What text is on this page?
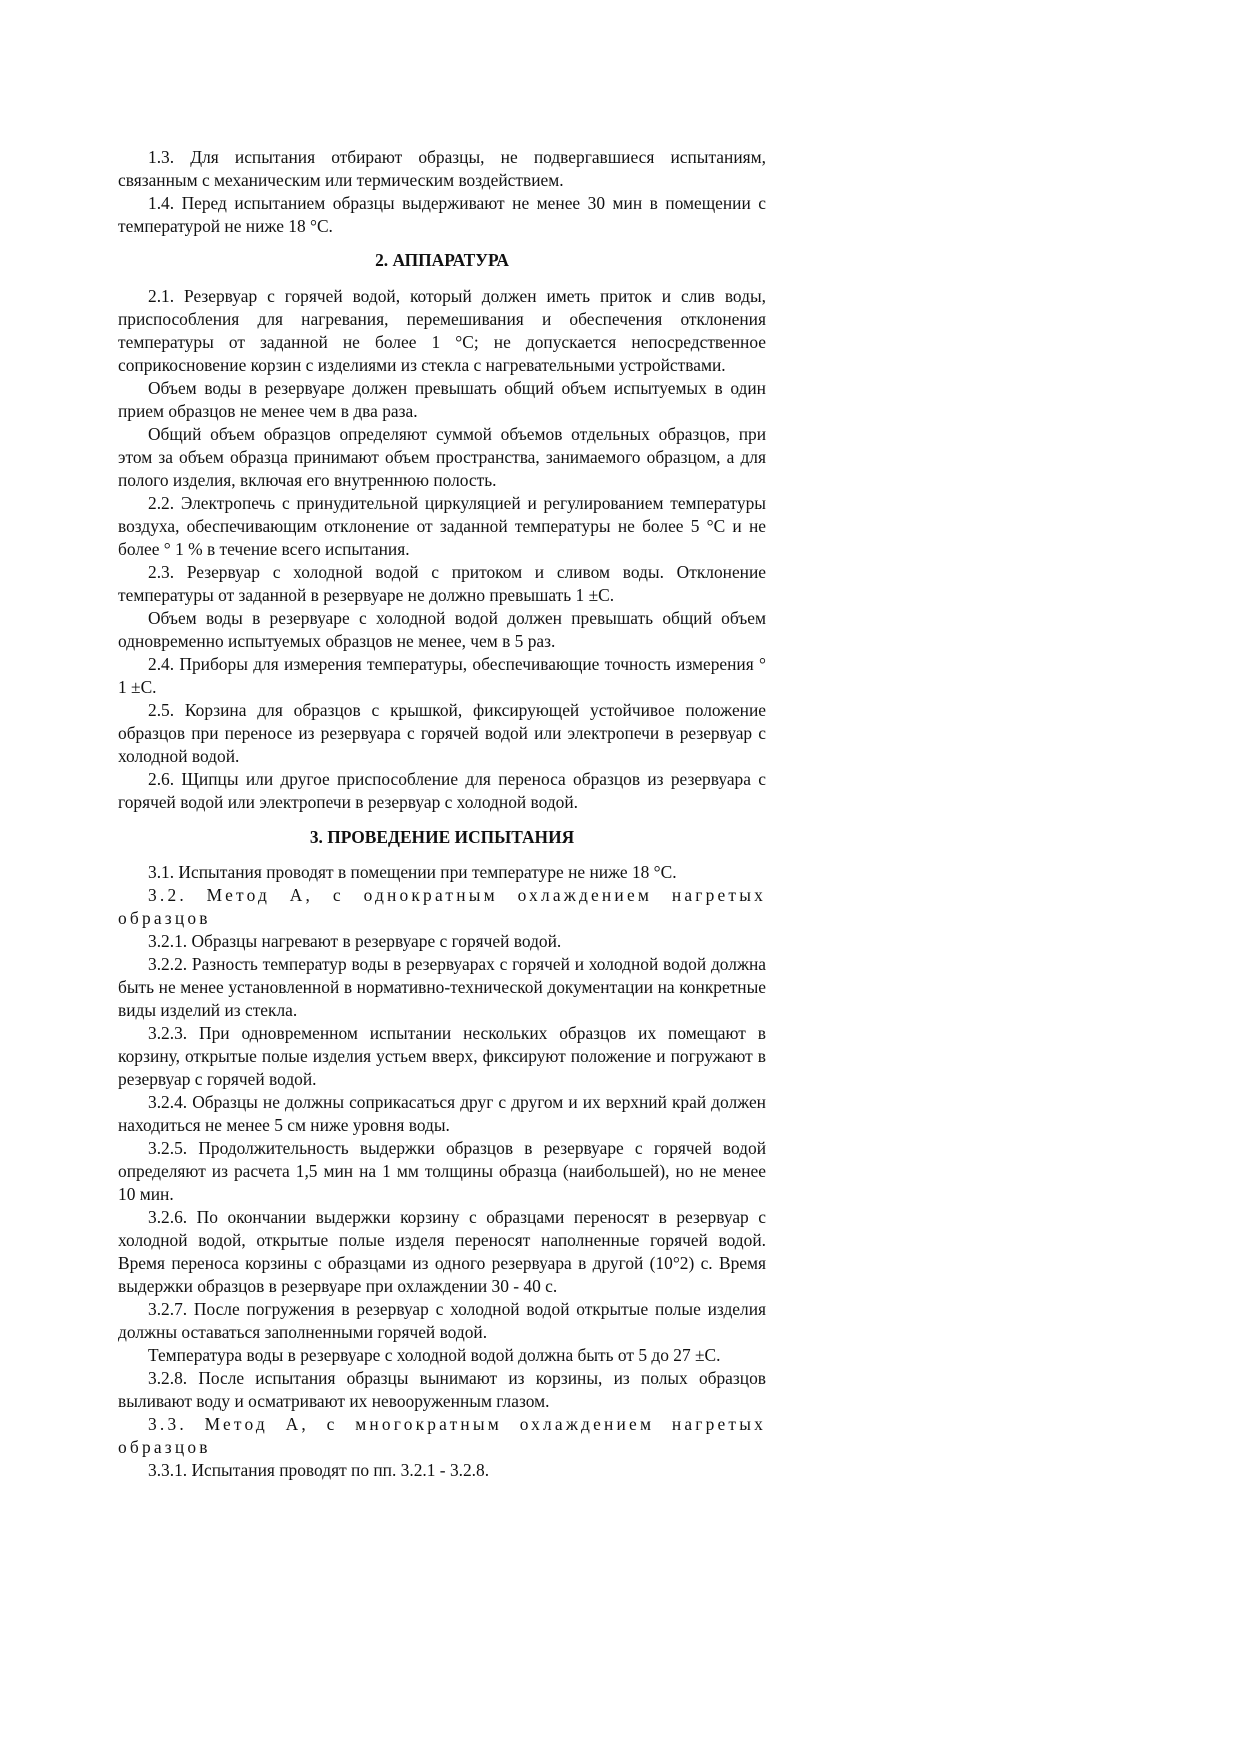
1.3. Для испытания отбирают образцы, не подвергавшиеся испытаниям, связанным с механическим или термическим воздействием.

1.4. Перед испытанием образцы выдерживают не менее 30 мин в помещении с температурой не ниже 18 °С.

2. АППАРАТУРА

2.1. Резервуар с горячей водой, который должен иметь приток и слив воды, приспособления для нагревания, перемешивания и обеспечения отклонения температуры от заданной не более 1 °С; не допускается непосредственное соприкосновение корзин с изделиями из стекла с нагревательными устройствами.

Объем воды в резервуаре должен превышать общий объем испытуемых в один прием образцов не менее чем в два раза.

Общий объем образцов определяют суммой объемов отдельных образцов, при этом за объем образца принимают объем пространства, занимаемого образцом, а для полого изделия, включая его внутреннюю полость.

2.2. Электропечь с принудительной циркуляцией и регулированием температуры воздуха, обеспечивающим отклонение от заданной температуры не более 5 °С и не более ° 1 % в течение всего испытания.

2.3. Резервуар с холодной водой с притоком и сливом воды. Отклонение температуры от заданной в резервуаре не должно превышать 1 ±С.

Объем воды в резервуаре с холодной водой должен превышать общий объем одновременно испытуемых образцов не менее, чем в 5 раз.

2.4. Приборы для измерения температуры, обеспечивающие точность измерения ° 1 ±С.

2.5. Корзина для образцов с крышкой, фиксирующей устойчивое положение образцов при переносе из резервуара с горячей водой или электропечи в резервуар с холодной водой.

2.6. Щипцы или другое приспособление для переноса образцов из резервуара с горячей водой или электропечи в резервуар с холодной водой.

3. ПРОВЕДЕНИЕ ИСПЫТАНИЯ

3.1. Испытания проводят в помещении при температуре не ниже 18 °С.

3.2. Метод А, с однократным охлаждением нагретых образцов

3.2.1. Образцы нагревают в резервуаре с горячей водой.

3.2.2. Разность температур воды в резервуарах с горячей и холодной водой должна быть не менее установленной в нормативно-технической документации на конкретные виды изделий из стекла.

3.2.3. При одновременном испытании нескольких образцов их помещают в корзину, открытые полые изделия устьем вверх, фиксируют положение и погружают в резервуар с горячей водой.

3.2.4. Образцы не должны соприкасаться друг с другом и их верхний край должен находиться не менее 5 см ниже уровня воды.

3.2.5. Продолжительность выдержки образцов в резервуаре с горячей водой определяют из расчета 1,5 мин на 1 мм толщины образца (наибольшей), но не менее 10 мин.

3.2.6. По окончании выдержки корзину с образцами переносят в резервуар с холодной водой, открытые полые изделя переносят наполненные горячей водой. Время переноса корзины с образцами из одного резервуара в другой (10°2) с. Время выдержки образцов в резервуаре при охлаждении 30 - 40 с.

3.2.7. После погружения в резервуар с холодной водой открытые полые изделия должны оставаться заполненными горячей водой.

Температура воды в резервуаре с холодной водой должна быть от 5 до 27 ±С.

3.2.8. После испытания образцы вынимают из корзины, из полых образцов выливают воду и осматривают их невооруженным глазом.

3.3. Метод А, с многократным охлаждением нагретых образцов

3.3.1. Испытания проводят по пп. 3.2.1 - 3.2.8.
